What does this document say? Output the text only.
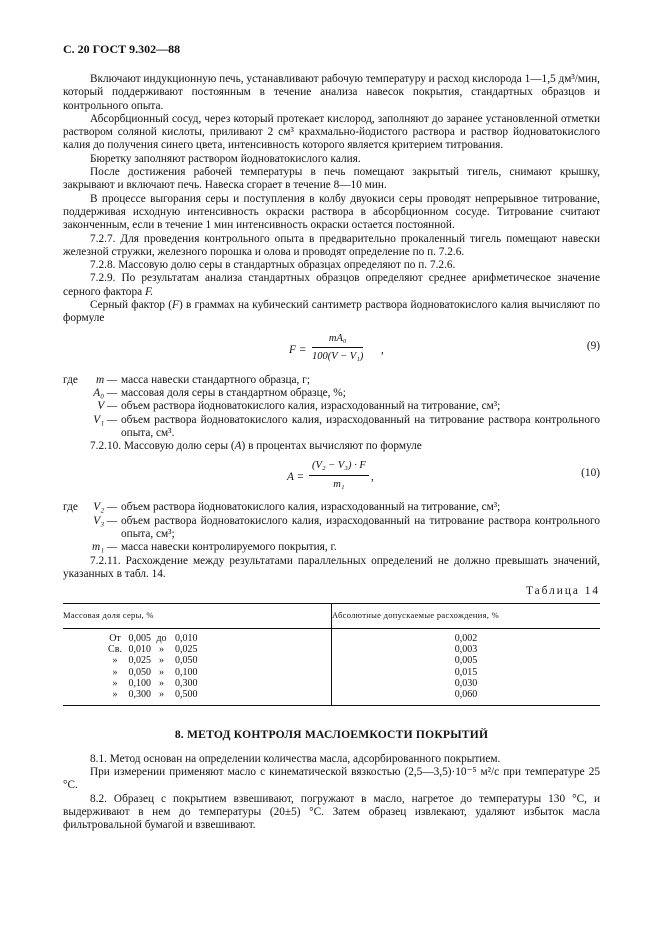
С. 20 ГОСТ 9.302—88

Включают индукционную печь, устанавливают рабочую температуру и расход кислорода 1—1,5 дм³/мин, который поддерживают постоянным в течение анализа навесок покрытия, стандартных образцов и контрольного опыта.

Абсорбционный сосуд, через который протекает кислород, заполняют до заранее установленной отметки раствором соляной кислоты, приливают 2 см³ крахмально-йодистого раствора и раствор йодноватокислого калия до получения синего цвета, интенсивность которого является критерием титрования.

Бюретку заполняют раствором йодноватокислого калия.

После достижения рабочей температуры в печь помещают закрытый тигель, снимают крышку, закрывают и включают печь. Навеска сгорает в течение 8—10 мин.

В процессе выгорания серы и поступления в колбу двуокиси серы проводят непрерывное титрование, поддерживая исходную интенсивность окраски раствора в абсорбционном сосуде. Титрование считают законченным, если в течение 1 мин интенсивность окраски остается постоянной.

7.2.7. Для проведения контрольного опыта в предварительно прокаленный тигель помещают навески железной стружки, железного порошка и олова и проводят определение по п. 7.2.6.

7.2.8. Массовую долю серы в стандартных образцах определяют по п. 7.2.6.

7.2.9. По результатам анализа стандартных образцов определяют среднее арифметическое значение серного фактора F.

Серный фактор (F) в граммах на кубический сантиметр раствора йодноватокислого калия вычисляют по формуле

$F = \frac{\text{mA₀}}{\text{100(V − V₁)}}$ ,	(9)
где	m — масса навески стандартного образца, г;
A₀ — массовая доля серы в стандартном образце, %;
V — объем раствора йодноватокислого калия, израсходованный на титрование, см³;
V₁ — объем раствора йодноватокислого калия, израсходованный на титрование раствора контрольного опыта, см³.

7.2.10. Массовую долю серы (A) в процентах вычисляют по формуле

$A = \frac{\text{(V₂ − V₃) · F}}{\text{m₁}}$ ,	(10)
где	V₂ — объем раствора йодноватокислого калия, израсходованный на титрование, см³;
V₃ — объем раствора йодноватокислого калия, израсходованный на титрование раствора контрольного опыта, см³;
m₁ — масса навески контролируемого покрытия, г.

7.2.11. Расхождение между результатами параллельных определений не должно превышать значений, указанных в табл. 14.

Таблица 14
Массовая доля серы, %	Абсолютные допускаемые расхождения, %
От 0,005 до 0,010	0,002
Св. 0,010 » 0,025	0,003
» 0,025 » 0,050	0,005
» 0,050 » 0,100	0,015
» 0,100 » 0,300	0,030
» 0,300 » 0,500	0,060
8. МЕТОД КОНТРОЛЯ МАСЛОЕМКОСТИ ПОКРЫТИЙ

8.1. Метод основан на определении количества масла, адсорбированного покрытием.

При измерении применяют масло с кинематической вязкостью (2,5—3,5)·10⁻⁵ м²/с при температуре 25 °С.

8.2. Образец с покрытием взвешивают, погружают в масло, нагретое до температуры 130 °С, и выдерживают в нем до температуры (20±5) °С. Затем образец извлекают, удаляют избыток масла фильтровальной бумагой и взвешивают.
